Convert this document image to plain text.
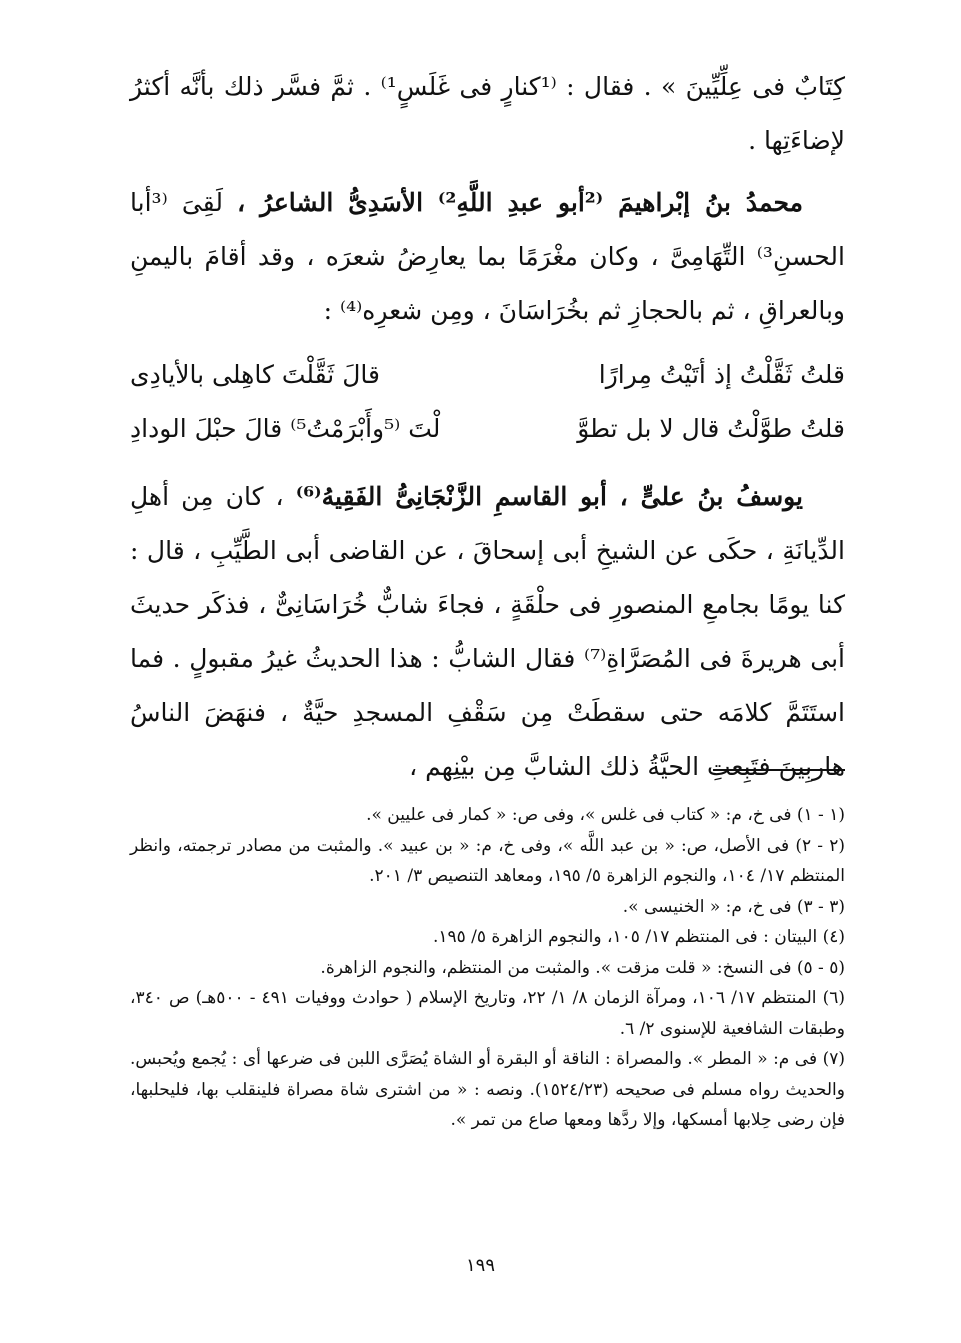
كِتَابٌ فى عِلِّيِّينَ » . فقال : ⁽¹كنارٍ فى غَلَسٍ¹⁾ . ثمَّ فسَّر ذلك بأنَّه أكثرُ لإضاءَتِها .

محمدُ بنُ إبْراهيمَ ⁽²أبو عبدِ اللَّهِ²⁾ الأسَدِىُّ الشاعرُ ، لَقِىَ ⁽³أبا الحسنِ³⁾ التِّهَامِىَّ ، وكان مغْرَمًا بما يعارِضُ شعرَه ، وقد أقامَ باليمنِ وبالعراقِ ، ثم بالحجازِ ثم بخُرَاسَانَ ، ومِن شعرِه⁽⁴⁾ :

قلتُ ثَقَّلْتُ إذ أتَيْتُ مِرارًا
قالَ ثَقَّلْتَ كاهِلى بالأيادِى
قلتُ طوَّلْتُ قال لا بل تطوَّ
لْتَ ⁽⁵وأَبْرَمْتُ⁵⁾ قالَ حبْلَ الودادِ

يوسفُ بنُ علىٍّ ، أبو القاسمِ الزَّنْجَانِىُّ الفَقِيهُ⁽⁶⁾ ، كان مِن أهلِ الدِّيانَةِ ، حكَى عن الشيخِ أبى إسحاقَ ، عن القاضى أبى الطَّيِّبِ ، قال : كنا يومًا بجامعِ المنصورِ فى حلْقَةٍ ، فجاءَ شابٌّ خُرَاسَانِىٌّ ، فذكَر حديثَ أبى هريرةَ فى المُصَرَّاةِ⁽⁷⁾ فقال الشابُّ : هذا الحديثُ غيرُ مقبولٍ . فما استَتَمَّ كلامَه حتى سقطَتْ مِن سَقْفِ المسجدِ حيَّةٌ ، فنهَضَ الناسُ هاربِينَ فتَبِعتِ الحيَّةُ ذلك الشابَّ مِن بيْنِهم ،

(١ - ١) فى خ، م: « كتاب فى غلس »، وفى ص: « كمار فى عليين ».
(٢ - ٢) فى الأصل، ص: « بن عبد اللَّه »، وفى خ، م: « بن عبيد ». والمثبت من مصادر ترجمته، وانظر المنتظم ١٧/ ١٠٤، والنجوم الزاهرة ٥/ ١٩٥، ومعاهد التنصيص ٣/ ٢٠١.
(٣ - ٣) فى خ، م: « الخنيسى ».
(٤) البيتان : فى المنتظم ١٧/ ١٠٥، والنجوم الزاهرة ٥/ ١٩٥.
(٥ - ٥) فى النسخ: « قلت مزقت ». والمثبت من المنتظم، والنجوم الزاهرة.
(٦) المنتظم ١٧/ ١٠٦، ومرآة الزمان ٨/ ١/ ٢٢، وتاريخ الإسلام ( حوادث ووفيات ٤٩١ - ٥٠٠هـ) ص ٣٤٠، وطبقات الشافعية للإسنوى ٢/ ٦.
(٧) فى م: « المطر ». والمصراة : الناقة أو البقرة أو الشاة يُصَرَّى اللبن فى ضرعها أى : يُجمع ويُحبس. والحديث رواه مسلم فى صحيحه (١٥٢٤/٢٣). ونصه : « من اشترى شاة مصراة فلينقلب بها، فليحلبها، فإن رضى حِلابها أمسكها، وإلا ردَّها ومعها صاع من تمر ».
١٩٩
